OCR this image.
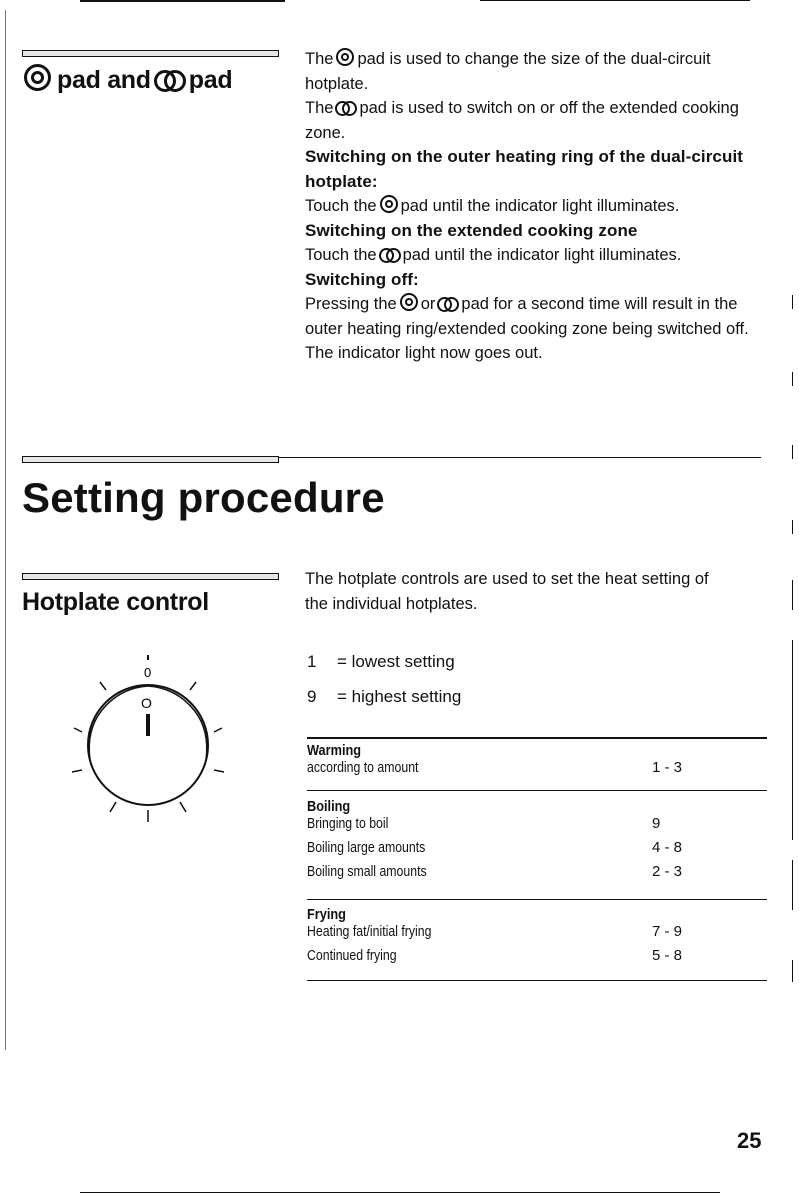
pad and pad

The pad is used to change the size of the dual-circuit hotplate.

The pad is used to switch on or off the extended cooking zone.

Switching on the outer heating ring of the dual-circuit hotplate:

Touch the pad until the indicator light illuminates.

Switching on the extended cooking zone

Touch the pad until the indicator light illuminates.

Switching off:

Pressing the or pad for a second time will result in the outer heating ring/extended cooking zone being switched off. The indicator light now goes out.

Setting procedure
Hotplate control
The hotplate controls are used to set the heat setting of the individual hotplates.
0
O
1 = lowest setting
9 = highest setting
Warming
according to amount	1 - 3
Boiling
Bringing to boil	9
Boiling large amounts	4 - 8
Boiling small amounts	2 - 3
Frying
Heating fat/initial frying	7 - 9
Continued frying	5 - 8
25
